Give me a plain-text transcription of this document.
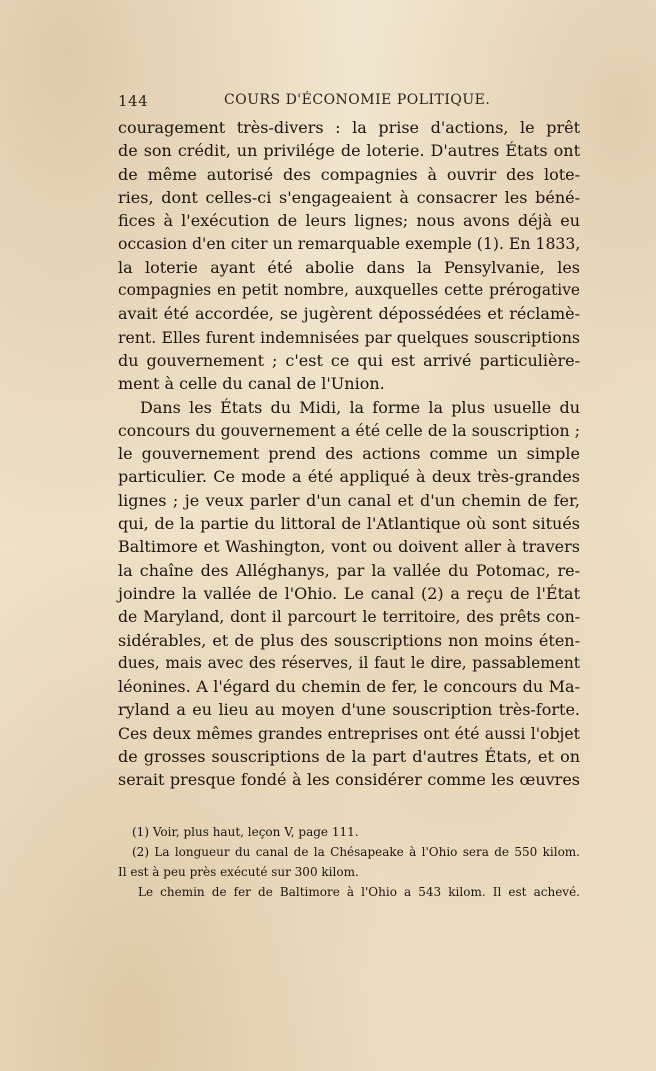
144	COURS D'ÉCONOMIE POLITIQUE.

couragement très-divers : la prise d'actions, le prêt
de son crédit, un privilége de loterie. D'autres États ont
de même autorisé des compagnies à ouvrir des lote-
ries, dont celles-ci s'engageaient à consacrer les béné-
fices à l'exécution de leurs lignes; nous avons déjà eu
occasion d'en citer un remarquable exemple (1). En 1833,
la loterie ayant été abolie dans la Pensylvanie, les
compagnies en petit nombre, auxquelles cette prérogative
avait été accordée, se jugèrent dépossédées et réclamè-
rent. Elles furent indemnisées par quelques souscriptions
du gouvernement ; c'est ce qui est arrivé particulière-
ment à celle du canal de l'Union.

Dans les États du Midi, la forme la plus usuelle du
concours du gouvernement a été celle de la souscription ;
le gouvernement prend des actions comme un simple
particulier. Ce mode a été appliqué à deux très-grandes
lignes ; je veux parler d'un canal et d'un chemin de fer,
qui, de la partie du littoral de l'Atlantique où sont situés
Baltimore et Washington, vont ou doivent aller à travers
la chaîne des Alléghanys, par la vallée du Potomac, re-
joindre la vallée de l'Ohio. Le canal (2) a reçu de l'État
de Maryland, dont il parcourt le territoire, des prêts con-
sidérables, et de plus des souscriptions non moins éten-
dues, mais avec des réserves, il faut le dire, passablement
léonines. A l'égard du chemin de fer, le concours du Ma-
ryland a eu lieu au moyen d'une souscription très-forte.
Ces deux mêmes grandes entreprises ont été aussi l'objet
de grosses souscriptions de la part d'autres États, et on
serait presque fondé à les considérer comme les œuvres

(1) Voir, plus haut, leçon V, page 111.
(2) La longueur du canal de la Chésapeake à l'Ohio sera de 550 kilom.
Il est à peu près exécuté sur 300 kilom.
Le chemin de fer de Baltimore à l'Ohio a 543 kilom. Il est achevé.
